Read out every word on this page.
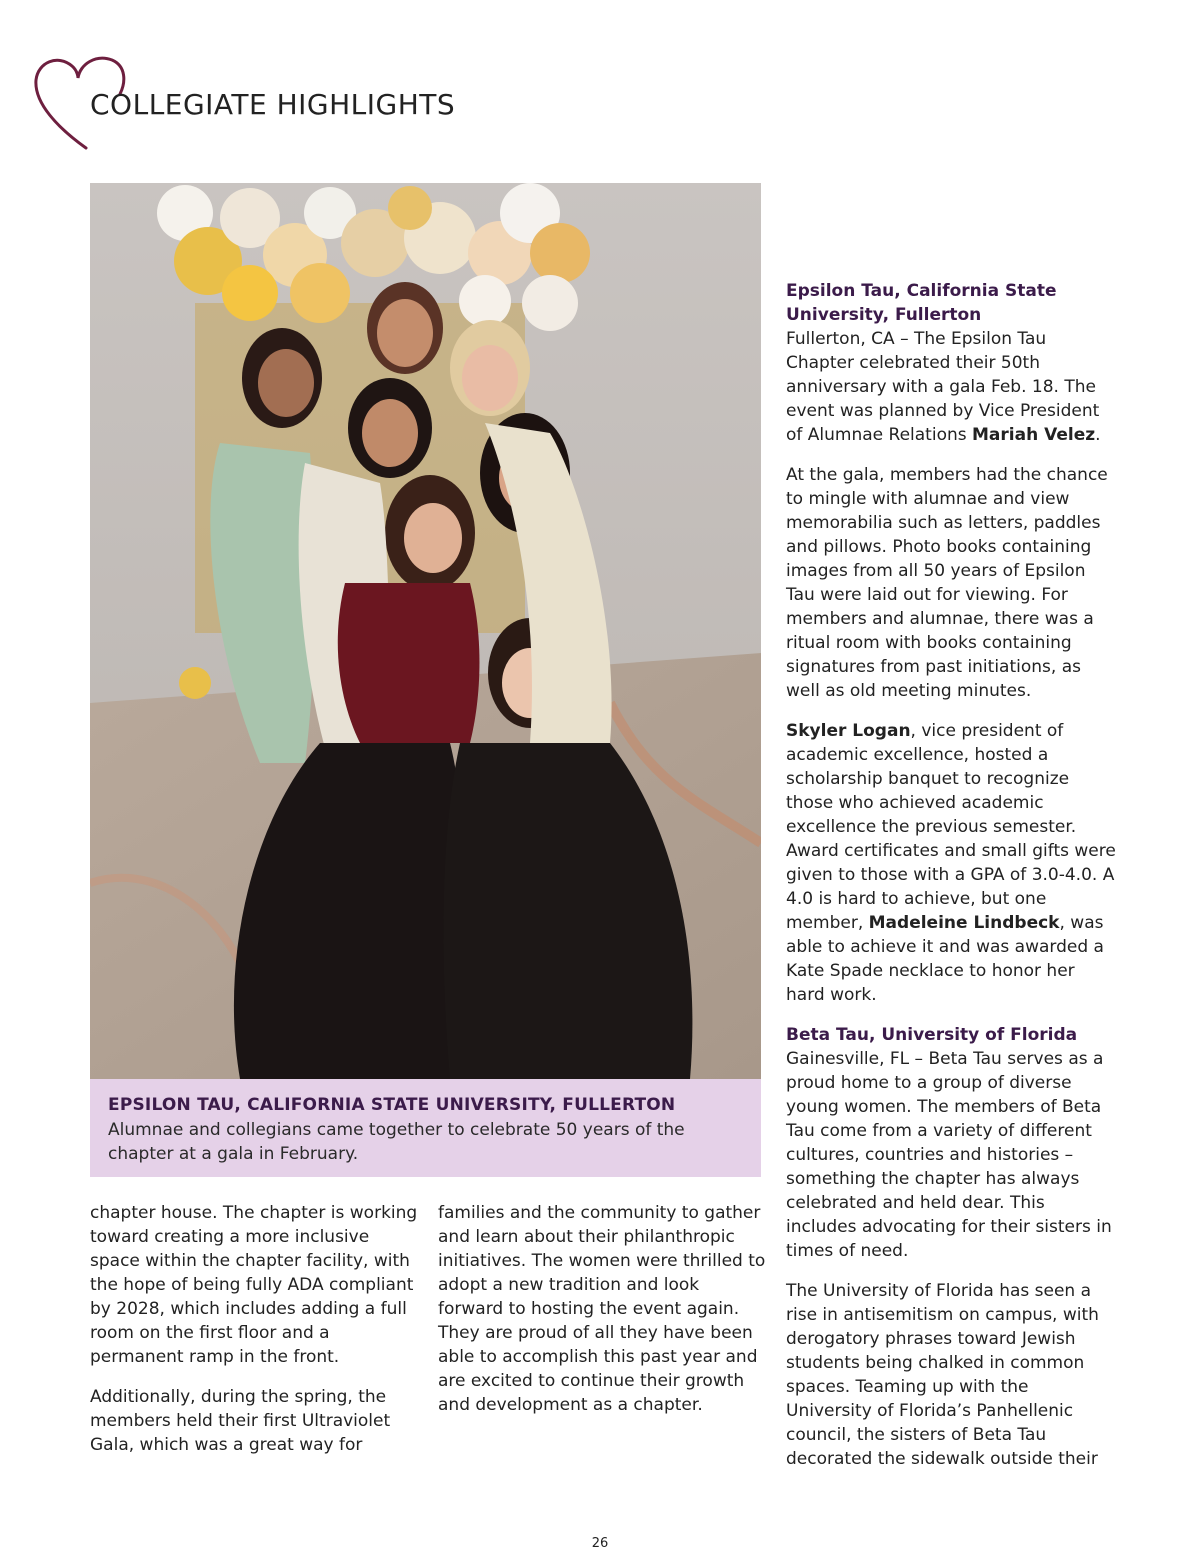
COLLEGIATE HIGHLIGHTS

EPSILON TAU, CALIFORNIA STATE UNIVERSITY, FULLERTON

Alumnae and collegians came together to celebrate 50 years of the chapter at a gala in February.

chapter house. The chapter is working toward creating a more inclusive space within the chapter facility, with the hope of being fully ADA compliant by 2028, which includes adding a full room on the first floor and a permanent ramp in the front.

Additionally, during the spring, the members held their first Ultraviolet Gala, which was a great way for

families and the community to gather and learn about their philanthropic initiatives. The women were thrilled to adopt a new tradition and look forward to hosting the event again. They are proud of all they have been able to accomplish this past year and are excited to continue their growth and development as a chapter.

Epsilon Tau, California State University, Fullerton
Fullerton, CA – The Epsilon Tau Chapter celebrated their 50th anniversary with a gala Feb. 18. The event was planned by Vice President of Alumnae Relations Mariah Velez.

At the gala, members had the chance to mingle with alumnae and view memorabilia such as letters, paddles and pillows. Photo books containing images from all 50 years of Epsilon Tau were laid out for viewing. For members and alumnae, there was a ritual room with books containing signatures from past initiations, as well as old meeting minutes.

Skyler Logan, vice president of academic excellence, hosted a scholarship banquet to recognize those who achieved academic excellence the previous semester. Award certificates and small gifts were given to those with a GPA of 3.0-4.0. A 4.0 is hard to achieve, but one member, Madeleine Lindbeck, was able to achieve it and was awarded a Kate Spade necklace to honor her hard work.

Beta Tau, University of Florida
Gainesville, FL – Beta Tau serves as a proud home to a group of diverse young women. The members of Beta Tau come from a variety of different cultures, countries and histories – something the chapter has always celebrated and held dear. This includes advocating for their sisters in times of need.

The University of Florida has seen a rise in antisemitism on campus, with derogatory phrases toward Jewish students being chalked in common spaces. Teaming up with the University of Florida’s Panhellenic council, the sisters of Beta Tau decorated the sidewalk outside their

26
